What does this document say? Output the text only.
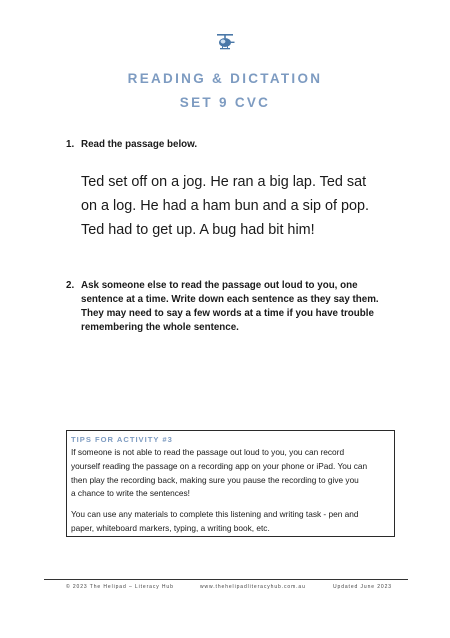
READING & DICTATION
SET 9 CVC
1. Read the passage below.
Ted set off on a jog. He ran a big lap. Ted sat
on a log. He had a ham bun and a sip of pop.
Ted had to get up. A bug had bit him!
2. Ask someone else to read the passage out loud to you, one
sentence at a time. Write down each sentence as they say them.
They may need to say a few words at a time if you have trouble
remembering the whole sentence.
TIPS FOR ACTIVITY #3

If someone is not able to read the passage out loud to you, you can record
yourself reading the passage on a recording app on your phone or iPad. You can
then play the recording back, making sure you pause the recording to give you
a chance to write the sentences!

You can use any materials to complete this listening and writing task - pen and
paper, whiteboard markers, typing, a writing book, etc.

© 2023 The Helipad – Literacy Hub	www.thehelipadliteracyhub.com.au	Updated June 2023
